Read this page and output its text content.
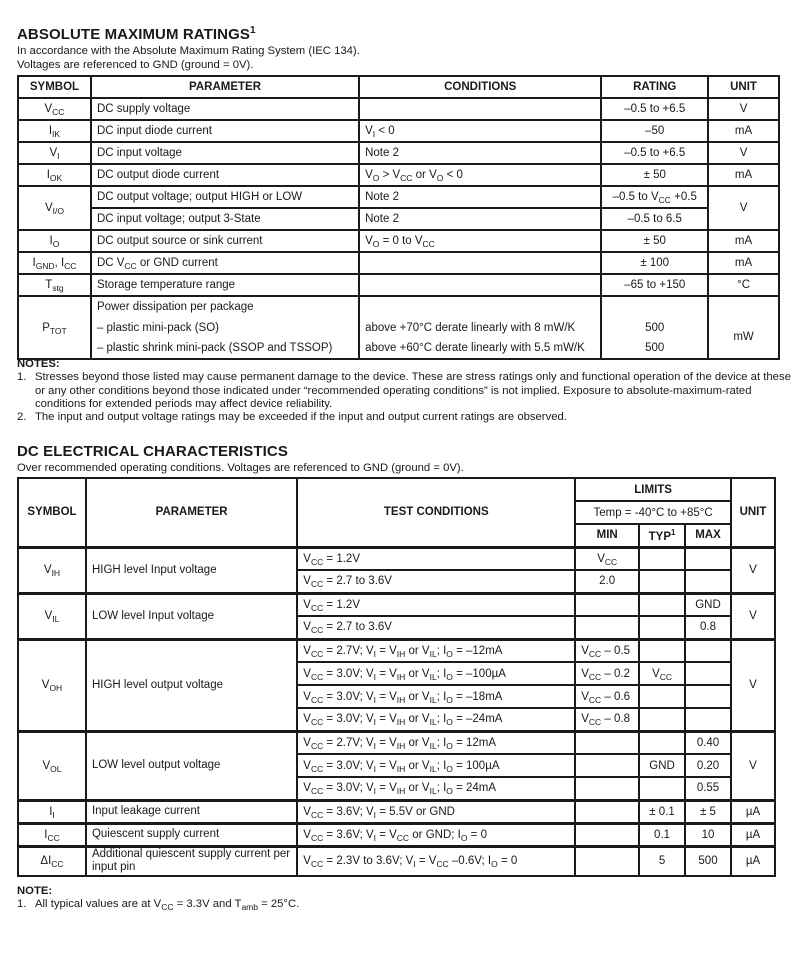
ABSOLUTE MAXIMUM RATINGS$^1$
In accordance with the Absolute Maximum Rating System (IEC 134).
Voltages are referenced to GND (ground = 0V).
SYMBOL	PARAMETER	CONDITIONS	RATING	UNIT
$V_{CC}$	DC supply voltage		–0.5 to +6.5	V
$I_{IK}$	DC input diode current	$V_I < 0$	–50	mA
$V_I$	DC input voltage	Note 2	–0.5 to +6.5	V
$I_{OK}$	DC output diode current	$V_O > V_{CC}$ or $V_O < 0$	± 50	mA
$V_{I/O}$	DC output voltage; output HIGH or LOW	Note 2	–0.5 to $V_{CC} +0.5$	V
	DC input voltage; output 3-State	Note 2	–0.5 to 6.5	
$I_O$	DC output source or sink current	$V_O = 0$ to $V_{CC}$	± 50	mA
$I_{GND}$, $I_{CC}$	DC $V_{CC}$ or GND current		± 100	mA
$T_{stg}$	Storage temperature range		–65 to +150	°C
$P_{TOT}$	Power dissipation per package			mW
	– plastic mini-pack (SO)	above +70°C derate linearly with 8 mW/K	500	
	– plastic shrink mini-pack (SSOP and TSSOP)	above +60°C derate linearly with 5.5 mW/K	500	
NOTES:
1. Stresses beyond those listed may cause permanent damage to the device. These are stress ratings only and functional operation of the device at these or any other conditions beyond those indicated under “recommended operating conditions” is not implied. Exposure to absolute-maximum-rated conditions for extended periods may affect device reliability.
2. The input and output voltage ratings may be exceeded if the input and output current ratings are observed.
DC ELECTRICAL CHARACTERISTICS
Over recommended operating conditions. Voltages are referenced to GND (ground = 0V).
SYMBOL	PARAMETER	TEST CONDITIONS	LIMITS			UNIT
			Temp = -40°C to +85°C			
			MIN	TYP$^1$	MAX	
$V_{IH}$	HIGH level Input voltage	$V_{CC} = 1.2V$	$V_{CC}$			V
		$V_{CC} = 2.7$ to 3.6V	2.0			
$V_{IL}$	LOW level Input voltage	$V_{CC} = 1.2V$			GND	V
		$V_{CC} = 2.7$ to 3.6V			0.8	
$V_{OH}$	HIGH level output voltage	$V_{CC} = 2.7V$; $V_I = V_{IH}$ or $V_{IL}$; $I_O = -12mA$	$V_{CC} - 0.5$			V
		$V_{CC} = 3.0V$; $V_I = V_{IH}$ or $V_{IL}$; $I_O = -100\mu A$	$V_{CC} - 0.2$	$V_{CC}$	
		$V_{CC} = 3.0V$; $V_I = V_{IH}$ or $V_{IL}$; $I_O = -18mA$	$V_{CC} - 0.6$			
		$V_{CC} = 3.0V$; $V_I = V_{IH}$ or $V_{IL}$; $I_O = -24mA$	$V_{CC} - 0.8$			
$V_{OL}$	LOW level output voltage	$V_{CC} = 2.7V$; $V_I = V_{IH}$ or $V_{IL}$; $I_O = 12mA$			0.40	V
		$V_{CC} = 3.0V$; $V_I = V_{IH}$ or $V_{IL}$; $I_O = 100\mu A$		GND	0.20	
		$V_{CC} = 3.0V$; $V_I = V_{IH}$ or $V_{IL}$; $I_O = 24mA$			0.55	
$I_I$	Input leakage current	$V_{CC} = 3.6V$; $V_I = 5.5V$ or GND		± 0.1	± 5	µA
$I_{CC}$	Quiescent supply current	$V_{CC} = 3.6V$; $V_I = V_{CC}$ or GND; $I_O = 0$		0.1	10	µA
$\Delta I_{CC}$	Additional quiescent supply current per input pin	$V_{CC} = 2.3V$ to 3.6V; $V_I = V_{CC}$ –0.6V; $I_O = 0$		5	500	µA
NOTE:
1. All typical values are at $V_{CC} = 3.3V$ and $T_{amb} = 25^\circ C$.
